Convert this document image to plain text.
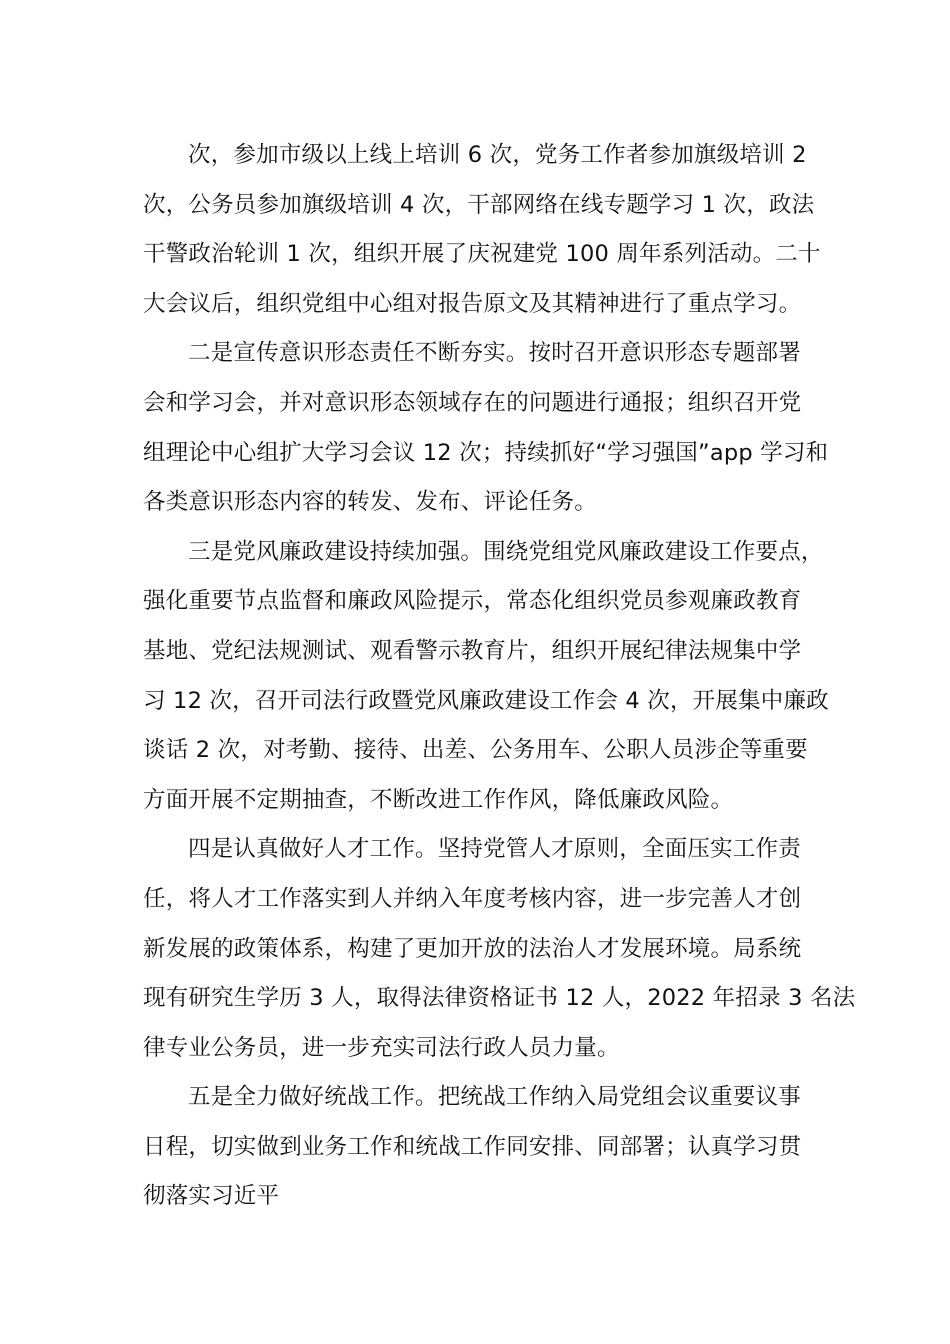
次，参加市级以上线上培训 6 次，党务工作者参加旗级培训 2
次，公务员参加旗级培训 4 次，干部网络在线专题学习 1 次，政法
干警政治轮训 1 次，组织开展了庆祝建党 100 周年系列活动。二十
大会议后，组织党组中心组对报告原文及其精神进行了重点学习。
二是宣传意识形态责任不断夯实。按时召开意识形态专题部署
会和学习会，并对意识形态领域存在的问题进行通报；组织召开党
组理论中心组扩大学习会议 12 次；持续抓好“学习强国”app 学习和
各类意识形态内容的转发、发布、评论任务。
三是党风廉政建设持续加强。围绕党组党风廉政建设工作要点，
强化重要节点监督和廉政风险提示，常态化组织党员参观廉政教育
基地、党纪法规测试、观看警示教育片，组织开展纪律法规集中学
习 12 次，召开司法行政暨党风廉政建设工作会 4 次，开展集中廉政
谈话 2 次，对考勤、接待、出差、公务用车、公职人员涉企等重要
方面开展不定期抽查，不断改进工作作风，降低廉政风险。
四是认真做好人才工作。坚持党管人才原则，全面压实工作责
任，将人才工作落实到人并纳入年度考核内容，进一步完善人才创
新发展的政策体系，构建了更加开放的法治人才发展环境。局系统
现有研究生学历 3 人，取得法律资格证书 12 人，2022 年招录 3 名法
律专业公务员，进一步充实司法行政人员力量。
五是全力做好统战工作。把统战工作纳入局党组会议重要议事
日程，切实做到业务工作和统战工作同安排、同部署；认真学习贯
彻落实习近平
